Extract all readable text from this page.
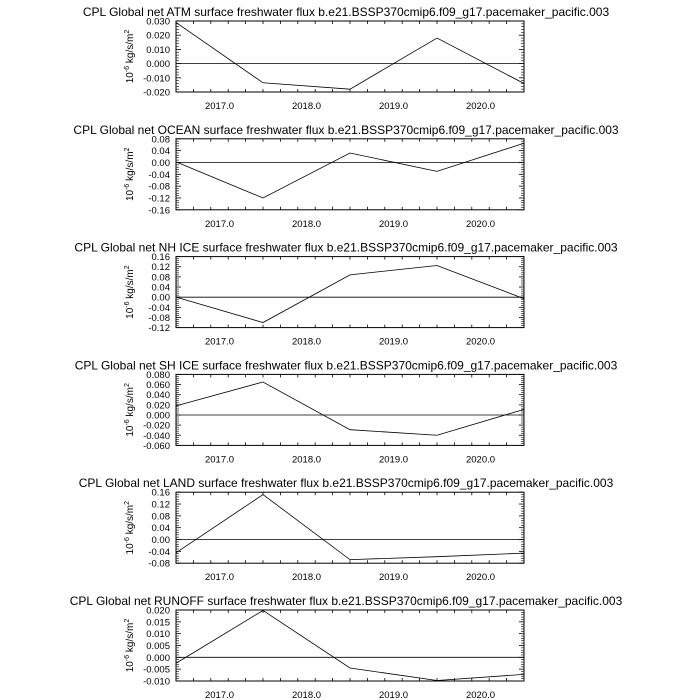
CPL Global net ATM surface freshwater flux b.e21.BSSP370cmip6.f09_g17.pacemaker_pacific.003
2017.0	2018.0	2019.0	2020.0
-0.020
-0.010
0.000
0.010
0.020
0.030
$10^{-6}$ $kg/s/m^2$
CPL Global net OCEAN surface freshwater flux b.e21.BSSP370cmip6.f09_g17.pacemaker_pacific.003
2017.0	2018.0	2019.0	2020.0
-0.16
-0.12
-0.08
-0.04
0.00
0.04
0.08
$10^{-6}$ $kg/s/m^2$
CPL Global net NH ICE surface freshwater flux b.e21.BSSP370cmip6.f09_g17.pacemaker_pacific.003
2017.0	2018.0	2019.0	2020.0
-0.12
-0.08
-0.04
0.00
0.04
0.08
0.12
0.16
$10^{-6}$ $kg/s/m^2$
CPL Global net SH ICE surface freshwater flux b.e21.BSSP370cmip6.f09_g17.pacemaker_pacific.003
2017.0	2018.0	2019.0	2020.0
-0.060
-0.040
-0.020
0.000
0.020
0.040
0.060
0.080
$10^{-6}$ $kg/s/m^2$
CPL Global net LAND surface freshwater flux b.e21.BSSP370cmip6.f09_g17.pacemaker_pacific.003
2017.0	2018.0	2019.0	2020.0
-0.08
-0.04
0.00
0.04
0.08
0.12
0.16
$10^{-6}$ $kg/s/m^2$
CPL Global net RUNOFF surface freshwater flux b.e21.BSSP370cmip6.f09_g17.pacemaker_pacific.003
2017.0	2018.0	2019.0	2020.0
-0.010
-0.005
0.000
0.005
0.010
0.015
0.020
$10^{-6}$ $kg/s/m^2$
